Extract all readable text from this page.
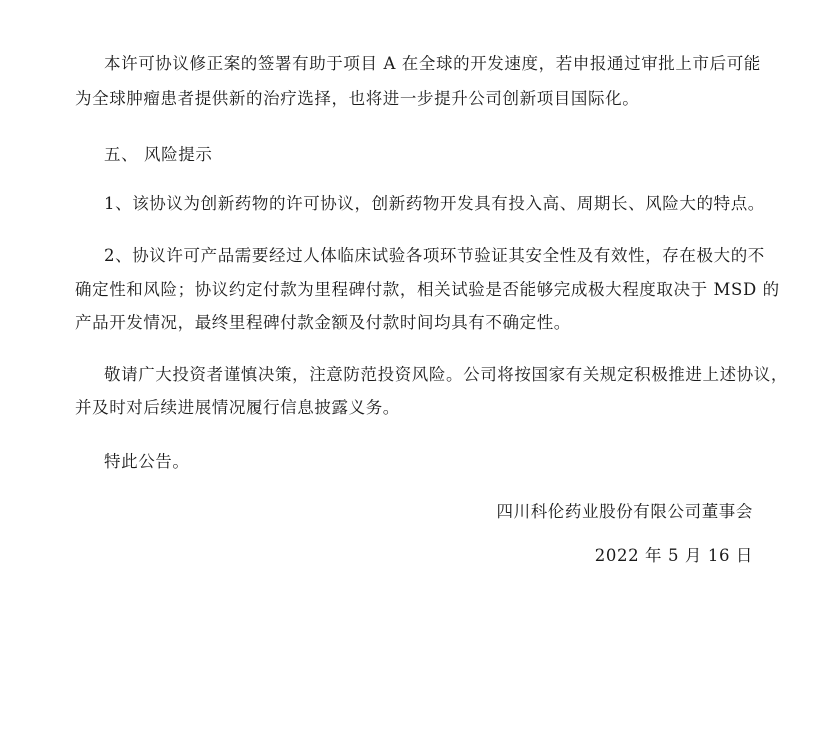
本许可协议修正案的签署有助于项目 A 在全球的开发速度，若申报通过审批上市后可能
为全球肿瘤患者提供新的治疗选择，也将进一步提升公司创新项目国际化。
五、 风险提示
1、该协议为创新药物的许可协议，创新药物开发具有投入高、周期长、风险大的特点。
2、协议许可产品需要经过人体临床试验各项环节验证其安全性及有效性，存在极大的不
确定性和风险；协议约定付款为里程碑付款，相关试验是否能够完成极大程度取决于 MSD 的
产品开发情况，最终里程碑付款金额及付款时间均具有不确定性。
敬请广大投资者谨慎决策，注意防范投资风险。公司将按国家有关规定积极推进上述协议，
并及时对后续进展情况履行信息披露义务。
特此公告。
四川科伦药业股份有限公司董事会
2022 年 5 月 16 日
